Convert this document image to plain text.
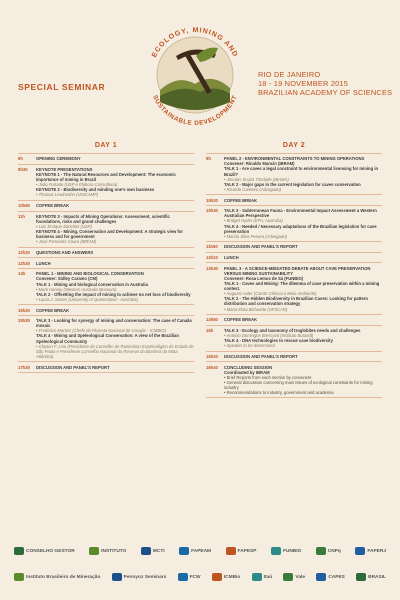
SPECIAL SEMINAR
ECOLOGY, MINING AND
SUSTAINABLE DEVELOPMENT
RIO DE JANEIRO
18 - 19 NOVEMBER 2015
BRAZILIAN ACADEMY OF SCIENCES
DAY 1
9h	OPENING CEREMONY
9h30	KEYNOTE PRESENTATIONS
KEYNOTE 1 - The Natural Resources and Development: The economic importance of mining in Brazil
• João Furtado (USP e Elabora Consultoria)
KEYNOTE 2 - Biodiversity and minding one's own business
• Thomas Lewinsohn (UNICAMP)
10h50	COFFEE BREAK
11h	KEYNOTE 3 - Impacts of Mining Operations: Assessment, scientific foundations, risks and grand challenges
• Luis Enrique Sanchez (USP)
KEYNOTE 4 - Mining, Conservation and Development: A strategic view for business and for government
• José Fernando Coura (IBRAM)
12h20	QUESTIONS AND ANSWERS
12h30	LUNCH
14h	PANEL 1 - MINING AND BIOLOGICAL CONSERVATION
Convener: Sidley Caramo (CM)
TALK 1 - Mining and biological conservation in Australia
• Mark Harvey (Western Australia Museum)
TALK 2 - Offsetting the impact of mining to achieve no net loss of biodiversity
• Laura J. Sonter (University of Queensland - Australia)
15h20	COFFEE BREAK
15h30	TALK 3 - Looking for synergy of mining and conservation: The case of Canaãs mosaic
• Frederico Martins (Chefe da Floresta Nacional de Carajás - ICMBIO)
TALK 4 - Mining and Speleological Conservation: A view of the Brazilian Speleological Community
• Clayton F. Lino (Presidente do Conselho de Patrimônio Espeleológico do Estado de São Paulo e Presidente Conselho Nacional da Reserva da Biosfera da Mata Atlântica)
17h30	DISCUSSION AND PANEL'S REPORT
DAY 2
9h	PANEL 2 - ENVIRONMENTAL CONSTRAINTS TO MINING OPERATIONS
Convener: Rinaldo Mancin (IBRAM)
TALK 1 - Are caves a legal constraint to environmental licensing for mining in Brazil?
• Jonatas Souza Trindade (IBAMA)
TALK 2 - Major gaps in the current legislation for caves conservation
• Ricardo Carneiro (Advogado)
10h20	COFFEE BREAK
10h30	TALK 3 - Subterranean Fauna - Environmental Impact Assessment a Western Australian Perspective
• Bridget Hyder (EPA, Australia)
TALK 4 - Needed / Necessary adaptations of the Brazilian legislation for cave preservation
• Marcio Silva Pereira (Advogado)
11h50	DISCUSSION AND PANEL'S REPORT
12h10	LUNCH
13h30	PANEL 3 - A SCIENCE-MEDIATED DEBATE ABOUT CAVE PRESERVATION VERSUS MINING SUSTAINABILITY
Convener: Rosa Lemos de Sá (FUNBIO)
TALK 1 - Caves and Mining: The dilemma of cave preservation within a mining context.
• Augusto Auler (Carste Ciência e Meio Ambiente)
TALK 2 - The Hidden Biodiversity in Brazilian Caves: Looking for pattern distribution and conservation strategy
• Maria Elina Bichuette (UFSCAR)
14h50	COFFEE BREAK
15h	TALK 3 - Ecology and taxonomy of troglobites needs and challenges
• Antonio Domingos Brescovit (Instituto Butantã)
TALK 4 - DNA technologies to rescue cave biodiversity
• Speaker to be determined
16h20	DISCUSSION AND PANEL'S REPORT
16h40	CONCLUDING SESSION
Coordinated by IBRAM
• Brief Reports from each section by conveners
• General discussion concerning main issues of ecological constraints for mining industry
• Recommendations to industry, government and academia
CONSELHO GESTOR	INSTITUTO	MCTI	FAPEAM	FAPESP	FUNBIO	CNPq	FAPERJ
Instituto Brasileiro de Mineração	Pennyoz Seminars	FCW	ICMBio	Itaú	Vale	CAPES	BRASIL
